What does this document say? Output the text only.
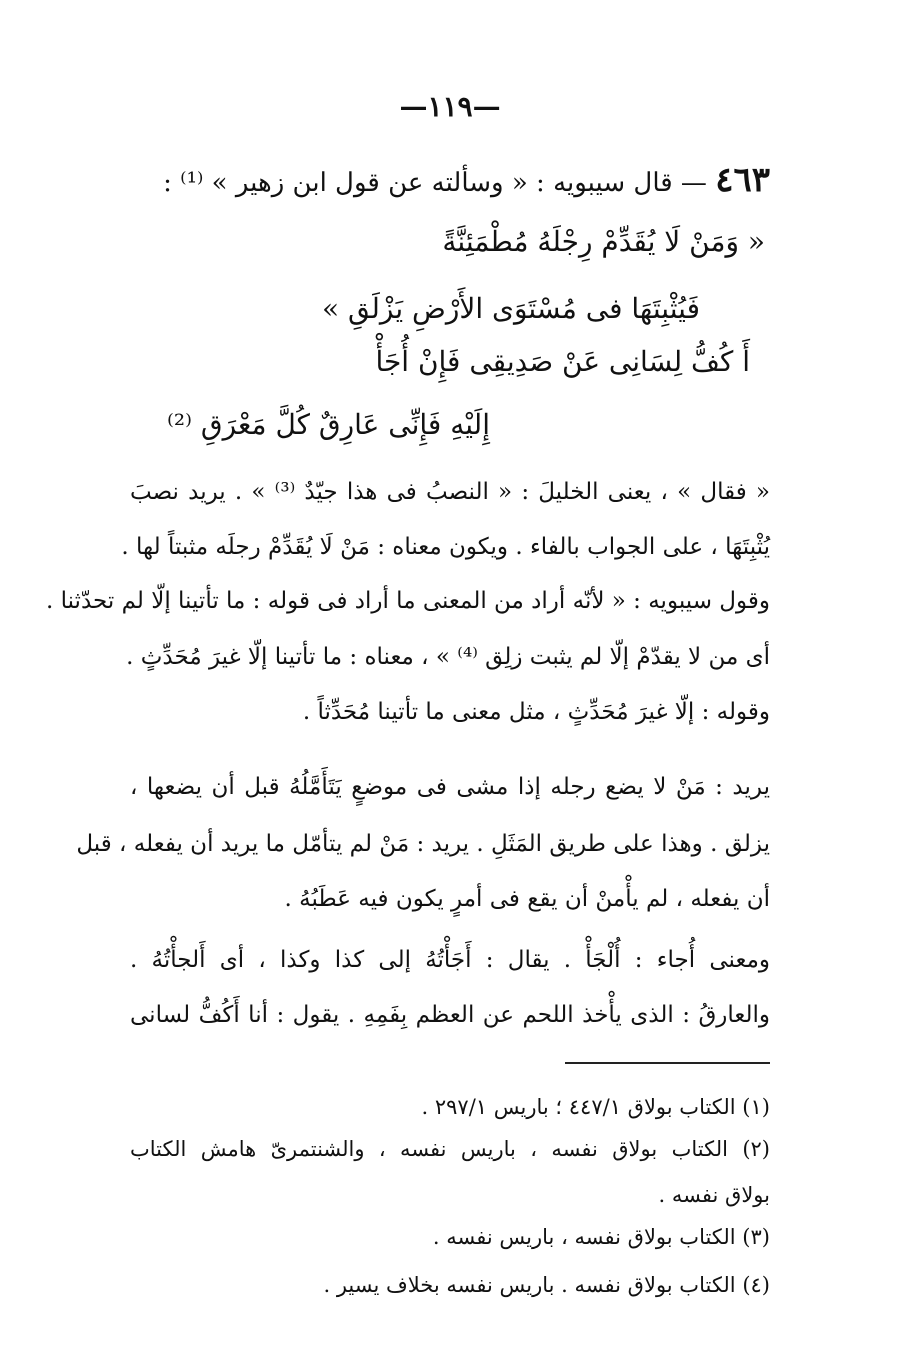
—١١٩—
٤٦٣ — قال سيبويه : « وسألته عن قول ابن زهير » ⁽¹⁾ :
« وَمَنْ لَا يُقَدِّمْ رِجْلَهُ مُطْمَئِنَّةً
فَيُثْبِتَهَا فى مُسْتَوَى الأَرْضِ يَزْلَقِ »
أَ كُفُّ لِسَانِى عَنْ صَدِيقِى فَإِنْ أُجَأْ
إِلَيْهِ فَإِنِّى عَارِقٌ كُلَّ مَعْرَقِ ⁽²⁾
« فقال » ، يعنى الخليلَ : « النصبُ فى هذا جيّدٌ ⁽³⁾ » . يريد نصبَ
يُثْبِتَهَا ، على الجواب بالفاء . ويكون معناه : مَنْ لَا يُقَدِّمْ رجلَه مثبتاً لها .
وقول سيبويه : « لأنّه أراد من المعنى ما أراد فى قوله : ما تأتينا إلّا لم تحدّثنا .
أى من لا يقدّمْ إلّا لم يثبت زلِق ⁽⁴⁾ » ، معناه : ما تأتينا إلّا غيرَ مُحَدِّثٍ .
وقوله : إلّا غيرَ مُحَدِّثٍ ، مثل معنى ما تأتينا مُحَدِّثاً .
يريد : مَنْ لا يضع رجله إذا مشى فى موضعٍ يَتَأَمَّلُهُ قبل أن يضعها ،
يزلق . وهذا على طريق المَثَلِ . يريد : مَنْ لم يتأمّل ما يريد أن يفعله ، قبل
أن يفعله ، لم يأْمنْ أن يقع فى أمرٍ يكون فيه عَطَبُهُ .
ومعنى أُجاء : أُلْجَأْ . يقال : أَجَأْتُهُ إلى كذا وكذا ، أى أَلجأْتُهُ .
والعارقُ : الذى يأْخذ اللحم عن العظم بِفَمِهِ . يقول : أنا أَكُفُّ لسانى
(١) الكتاب بولاق ٤٤٧/١ ؛ باريس ٢٩٧/١ .
(٢) الكتاب بولاق نفسه ، باريس نفسه ، والشنتمرىّ هامش الكتاب
بولاق نفسه .
(٣) الكتاب بولاق نفسه ، باريس نفسه .
(٤) الكتاب بولاق نفسه . باريس نفسه بخلاف يسير .
